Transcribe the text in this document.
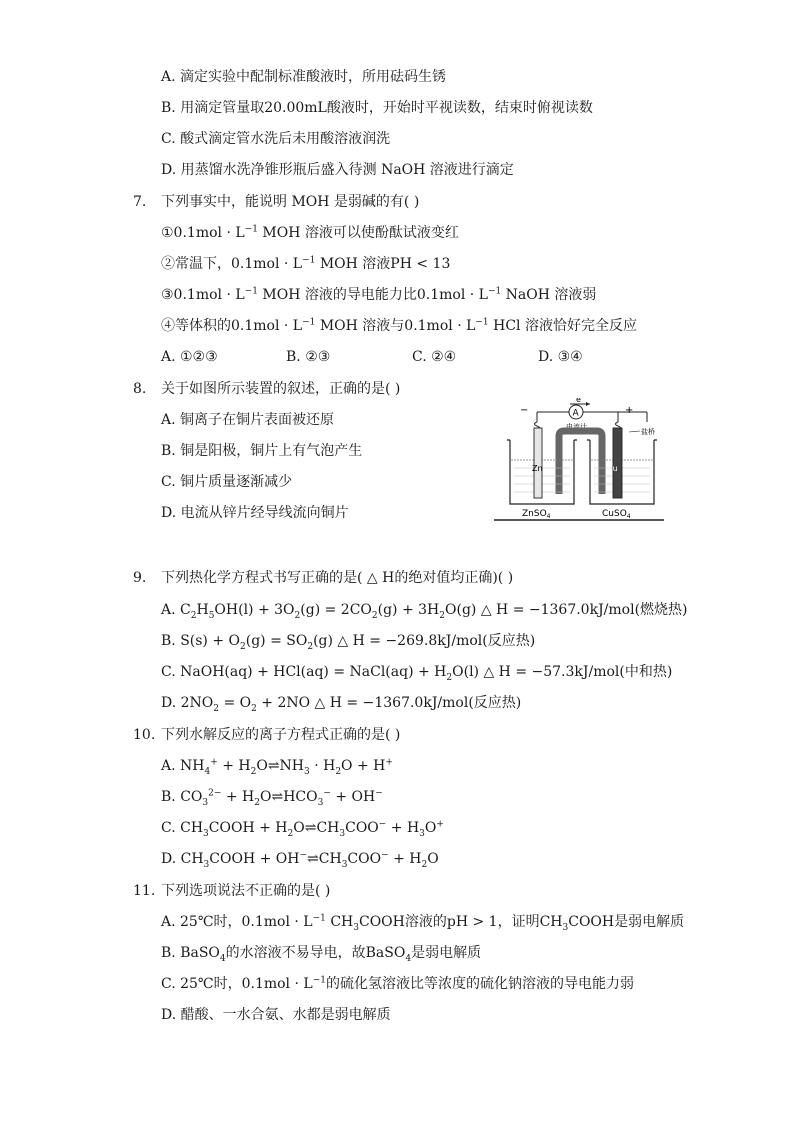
A. 滴定实验中配制标准酸液时，所用砝码生锈
B. 用滴定管量取20.00mL酸液时，开始时平视读数，结束时俯视读数
C. 酸式滴定管水洗后未用酸溶液润洗
D. 用蒸馏水洗净锥形瓶后盛入待测 NaOH 溶液进行滴定
7. 下列事实中，能说明 MOH 是弱碱的有( )
①0.1mol · $L^{-1}$ MOH 溶液可以使酚酞试液变红
②常温下，$0.1mol \cdot L^{-1}$ MOH 溶液PH < 13
③0.1mol · $L^{-1}$ MOH 溶液的导电能力比$0.1mol \cdot L^{-1}$ NaOH 溶液弱
④等体积的$0.1mol \cdot L^{-1}$ MOH 溶液与$0.1mol \cdot L^{-1}$ HCl 溶液恰好完全反应
A. ①②③	B. ②③	C. ②④	D. ③④
8. 关于如图所示装置的叙述，正确的是( )
A. 铜离子在铜片表面被还原
B. 铜是阳极，铜片上有气泡产生
C. 铜片质量逐渐减少
D. 电流从锌片经导线流向铜片
e −
A
电流计
−	+
盐桥
Zn	Cu
ZnSO$_4$	CuSO$_4$
9. 下列热化学方程式书写正确的是( △ H的绝对值均正确)( )
A. $C_2H_5OH(l) + 3O_2(g) = 2CO_2(g) + 3H_2O(g)$ △ H = −1367.0kJ/mol(燃烧热)
B. $S(s) + O_2(g) = SO_2(g)$ △ H = −269.8kJ/mol(反应热)
C. NaOH(aq) + HCl(aq) = NaCl(aq) + $H_2O(l)$ △ H = −57.3kJ/mol(中和热)
D. $2NO_2 = O_2 + 2NO$ △ H = −1367.0kJ/mol(反应热)
10. 下列水解反应的离子方程式正确的是( )
A. $NH_4^+$ + $H_2O\rightleftharpoons NH_3 \cdot H_2O + H^+$
B. $CO_3^{2-}$ + $H_2O\rightleftharpoons HCO_3^- + OH^-$
C. $CH_3COOH$ + $H_2O\rightleftharpoons CH_3COO^- + H_3O^+$
D. $CH_3COOH$ + $OH^-\rightleftharpoons CH_3COO^- + H_2O$
11. 下列选项说法不正确的是( )
A. 25℃时，$0.1mol \cdot L^{-1}$ $CH_3COOH$溶液的pH > 1，证明$CH_3COOH$是弱电解质
B. BaSO$_4$的水溶液不易导电，故BaSO$_4$是弱电解质
C. 25℃时，$0.1mol \cdot L^{-1}$的硫化氢溶液比等浓度的硫化钠溶液的导电能力弱
D. 醋酸、一水合氨、水都是弱电解质
